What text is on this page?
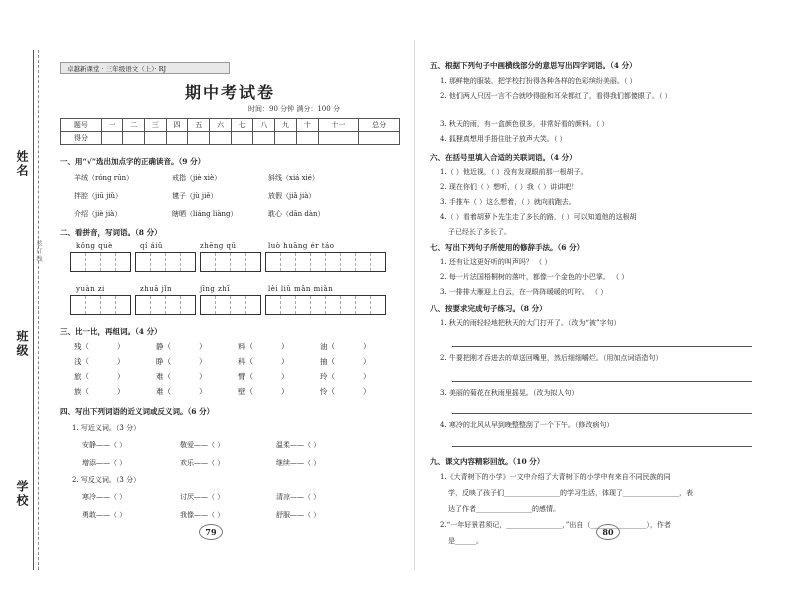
姓名
班级
学校
装 订 线
卓越新课堂 · 三年级语文（上）· RJ
期中考试卷
时间：90 分钟 满分：100 分
题号	一	二	三	四	五	六	七	八	九	十	十一	总分
得分												
一、用“√”选出加点字的正确读音。（9 分）
羊绒（róng rūn）	戒指（jiè xiè）	斜线（xiá xié）
拌腔（jiū jiǔ）	毽子（jù jiě）	放假（jiǎ jià）
介绍（jiè jià）	瞎晒（liáng liàng）	耽心（dān dàn）
二、看拼音，写词语。（8 分）
kǒng què	qí áiǔ	zhēng qū	luò huāng ér táo
yuàn zi	zhuā jǐn	jīng zhī	lèi liǔ mǎn miàn
三、比一比，再组词。（4 分）
残（	）	静（	）	料（	）	油（	）
浅（	）	睁（	）	科（	）	抽（	）
旅（	）	难（	）	臂（	）	玲（	）
族（	）	难（	）	壁（	）	怜（	）
四、写出下列词语的近义词或反义词。（6 分）
1. 写近义词。（3 分）
安静——（ ）	敬爱——（ ）	温柔——（ ）
增添——（ ）	欢乐——（ ）	继续——（ ）
2. 写反义词。（3 分）
寒冷——（ ）	讨厌——（ ）	清凉——（ ）
勇敢——（ ）	我像——（ ）	舒服——（ ）
79
五、根据下列句子中画横线部分的意思写出四字词语。（4 分）
1. 那鲜艳的服装，把学校打扮得各种各样的色彩缤纷美丽。（ ）
2. 他们两人只因一言不合就吵得脸和耳朵都红了，看得我们都傻眼了。（ ）
3. 秋天的雨，有一盒颜色很多，非常好看的颜料。（ ）
4. 狐狸真想用手捂住肚子放声大笑。（ ）
六、在括号里填入合适的关联词语。（4 分）
1.（ ）他近视，（ ）没有发现眼前那一根胡子。
2. 现在你们（ ）想听，（ ）我（ ）讲讲吧！
3. 手推车（ ）这么想着，（ ）就向前跑去。
4.（ ）看着胡萝卜先生走了多长的路，（ ）可以知道他的这根胡
子已经长了多长了。
七、写出下列句子所使用的修辞手法。（6 分）
1. 还有让这更好听的叫声吗？ （ ）
2. 每一片法国梧桐树的落叶，都像一个金色的小巴掌。 （ ）
3. 一排排大雁迎上白云，在一阵阵暖暖的叮咛。 （ ）
八、按要求完成句子练习。（8 分）
1. 秋天的雨轻轻地把秋天的大门打开了。（改为“被”字句）
2. 牛要把刚才吞进去的草送回嘴里，然后细细嚼烂。（用加点词语造句）
3. 美丽的菊花在秋雨里摇晃。（改为拟人句）
4. 寒冷的北风从早到晚整整刮了一个下午。（修改病句）
九、课文内容精彩回放。（10 分）
1.《大青树下的小学》一文中介绍了大青树下的小学中有来自不同民族的同
学，反映了孩子们________________的学习生活，体现了________________，表
达了作者________________的感情。
2.“一年好景君须记，________________，”出自（________________），作者
是______。
80
